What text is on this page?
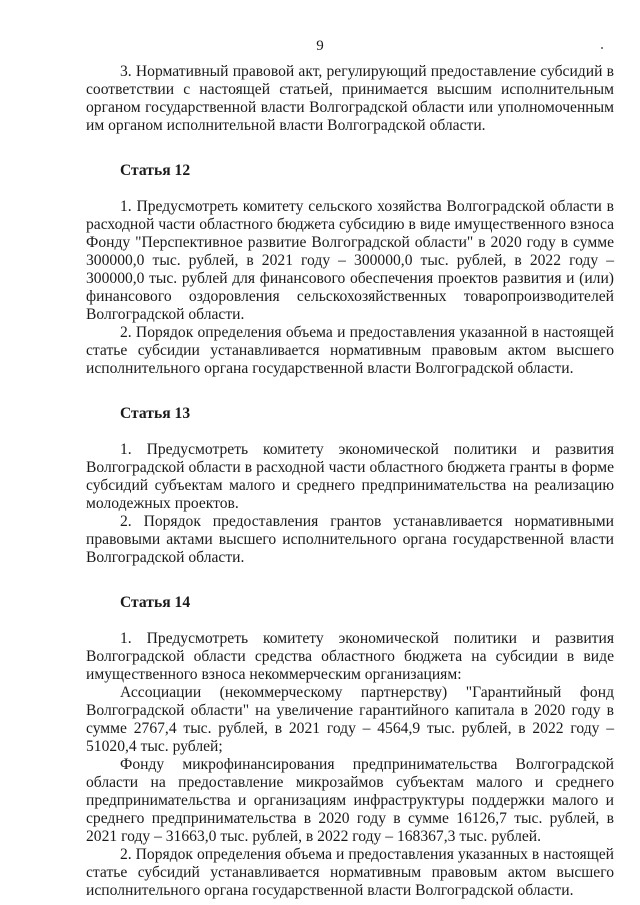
9

3. Нормативный правовой акт, регулирующий предоставление субсидий в соответствии с настоящей статьей, принимается высшим исполнительным органом государственной власти Волгоградской области или уполномоченным им органом исполнительной власти Волгоградской области.

Статья 12

1. Предусмотреть комитету сельского хозяйства Волгоградской области в расходной части областного бюджета субсидию в виде имущественного взноса Фонду "Перспективное развитие Волгоградской области" в 2020 году в сумме 300000,0 тыс. рублей, в 2021 году – 300000,0 тыс. рублей, в 2022 году – 300000,0 тыс. рублей для финансового обеспечения проектов развития и (или) финансового оздоровления сельскохозяйственных товаропроизводителей Волгоградской области.

2. Порядок определения объема и предоставления указанной в настоящей статье субсидии устанавливается нормативным правовым актом высшего исполнительного органа государственной власти Волгоградской области.

Статья 13

1. Предусмотреть комитету экономической политики и развития Волгоградской области в расходной части областного бюджета гранты в форме субсидий субъектам малого и среднего предпринимательства на реализацию молодежных проектов.

2. Порядок предоставления грантов устанавливается нормативными правовыми актами высшего исполнительного органа государственной власти Волгоградской области.

Статья 14

1. Предусмотреть комитету экономической политики и развития Волгоградской области средства областного бюджета на субсидии в виде имущественного взноса некоммерческим организациям:

Ассоциации (некоммерческому партнерству) "Гарантийный фонд Волгоградской области" на увеличение гарантийного капитала в 2020 году в сумме 2767,4 тыс. рублей, в 2021 году – 4564,9 тыс. рублей, в 2022 году – 51020,4 тыс. рублей;

Фонду микрофинансирования предпринимательства Волгоградской области на предоставление микрозаймов субъектам малого и среднего предпринимательства и организациям инфраструктуры поддержки малого и среднего предпринимательства в 2020 году в сумме 16126,7 тыс. рублей, в 2021 году – 31663,0 тыс. рублей, в 2022 году – 168367,3 тыс. рублей.

2. Порядок определения объема и предоставления указанных в настоящей статье субсидий устанавливается нормативным правовым актом высшего исполнительного органа государственной власти Волгоградской области.
